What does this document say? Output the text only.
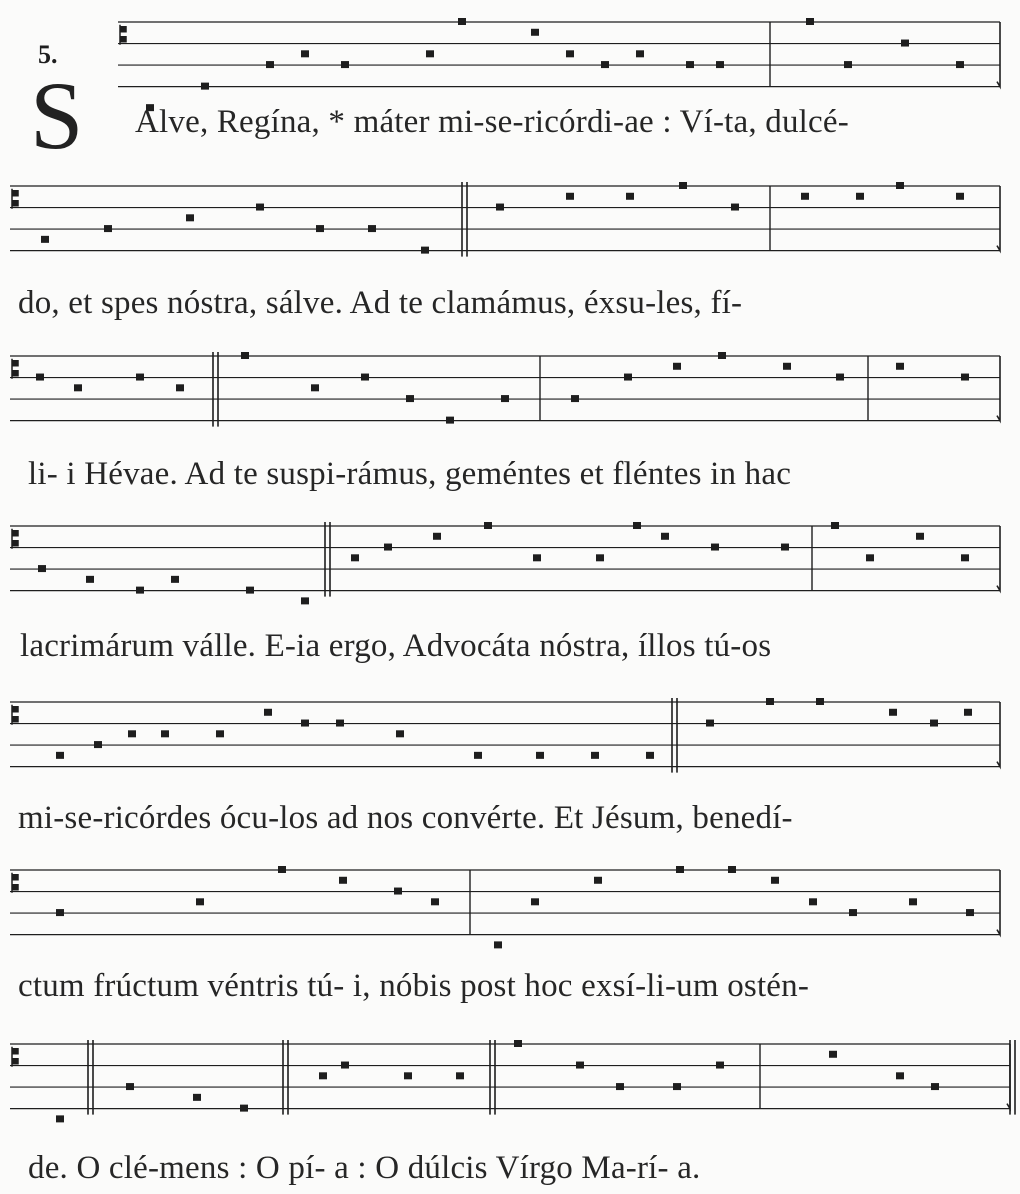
5.
S Alve, Regína, * máter mi-se-ricórdi-ae : Ví-ta, dulcé-
do, et spes nóstra, sálve. Ad te clamámus, éxsu-les, fí-
li- i Hévae. Ad te suspi-rámus, geméntes et fléntes in hac
lacrimárum válle. E-ia ergo, Advocáta nóstra, íllos tú-os
mi-se-ricórdes ócu-los ad nos convérte. Et Jésum, benedí-
ctum frúctum véntris tú- i, nóbis post hoc exsí-li-um ostén-
de. O clé-mens : O pí- a : O dúlcis Vírgo Ma-rí- a.
